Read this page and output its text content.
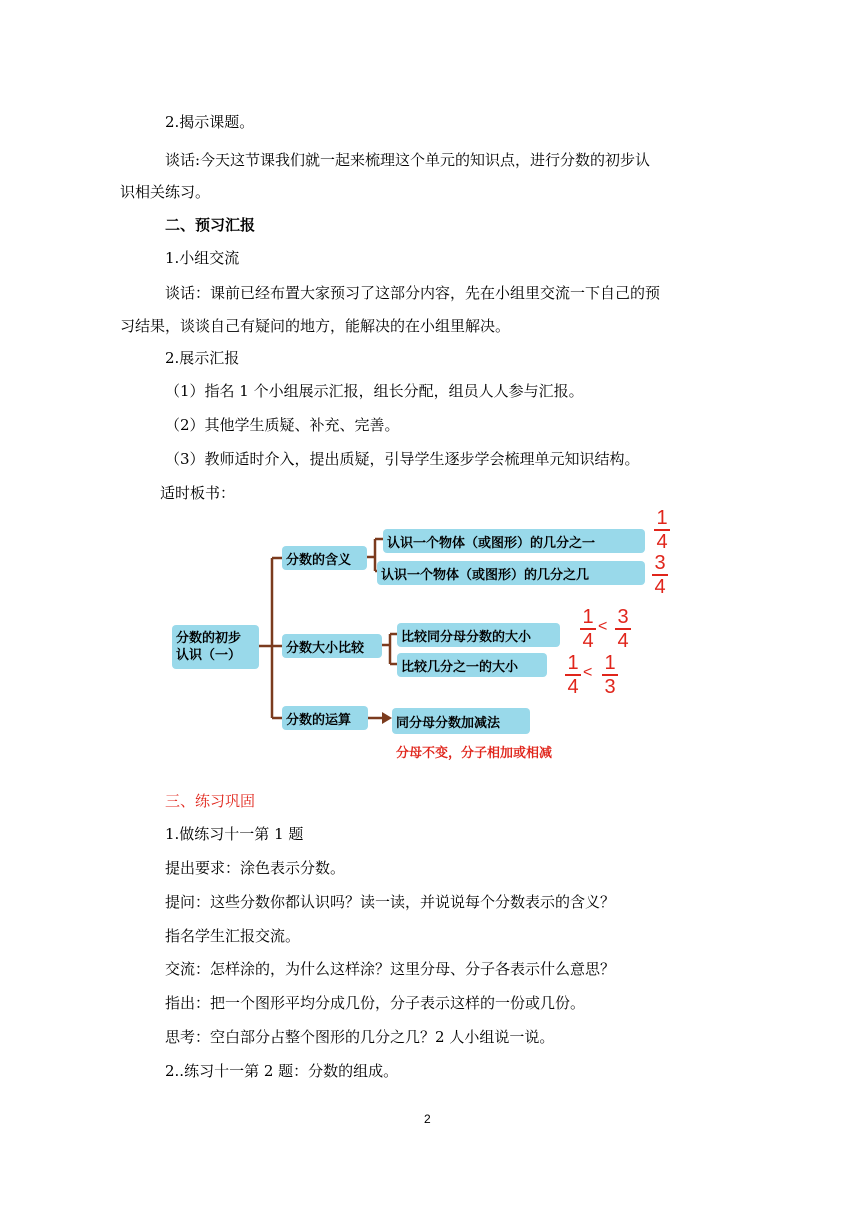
2.揭示课题。
谈话:今天这节课我们就一起来梳理这个单元的知识点，进行分数的初步认
识相关练习。
二、预习汇报
1.小组交流
谈话：课前已经布置大家预习了这部分内容，先在小组里交流一下自己的预
习结果，谈谈自己有疑问的地方，能解决的在小组里解决。
2.展示汇报
（1）指名 1 个小组展示汇报，组长分配，组员人人参与汇报。
（2）其他学生质疑、补充、完善。
（3）教师适时介入，提出质疑，引导学生逐步学会梳理单元知识结构。
适时板书：
分数的初步
认识（一）
分数的含义
分数大小比较
分数的运算
认识一个物体（或图形）的几分之一
认识一个物体（或图形）的几分之几
比较同分母分数的大小
比较几分之一的大小
同分母分数加减法
分母不变，分子相加或相减
1
4
3
4
1
4
< 3
4
1
4
< 1
3
三、练习巩固
1.做练习十一第 1 题
提出要求：涂色表示分数。
提问：这些分数你都认识吗？读一读，并说说每个分数表示的含义？
指名学生汇报交流。
交流：怎样涂的，为什么这样涂？这里分母、分子各表示什么意思？
指出：把一个图形平均分成几份，分子表示这样的一份或几份。
思考：空白部分占整个图形的几分之几？2 人小组说一说。
2..练习十一第 2 题：分数的组成。
2
